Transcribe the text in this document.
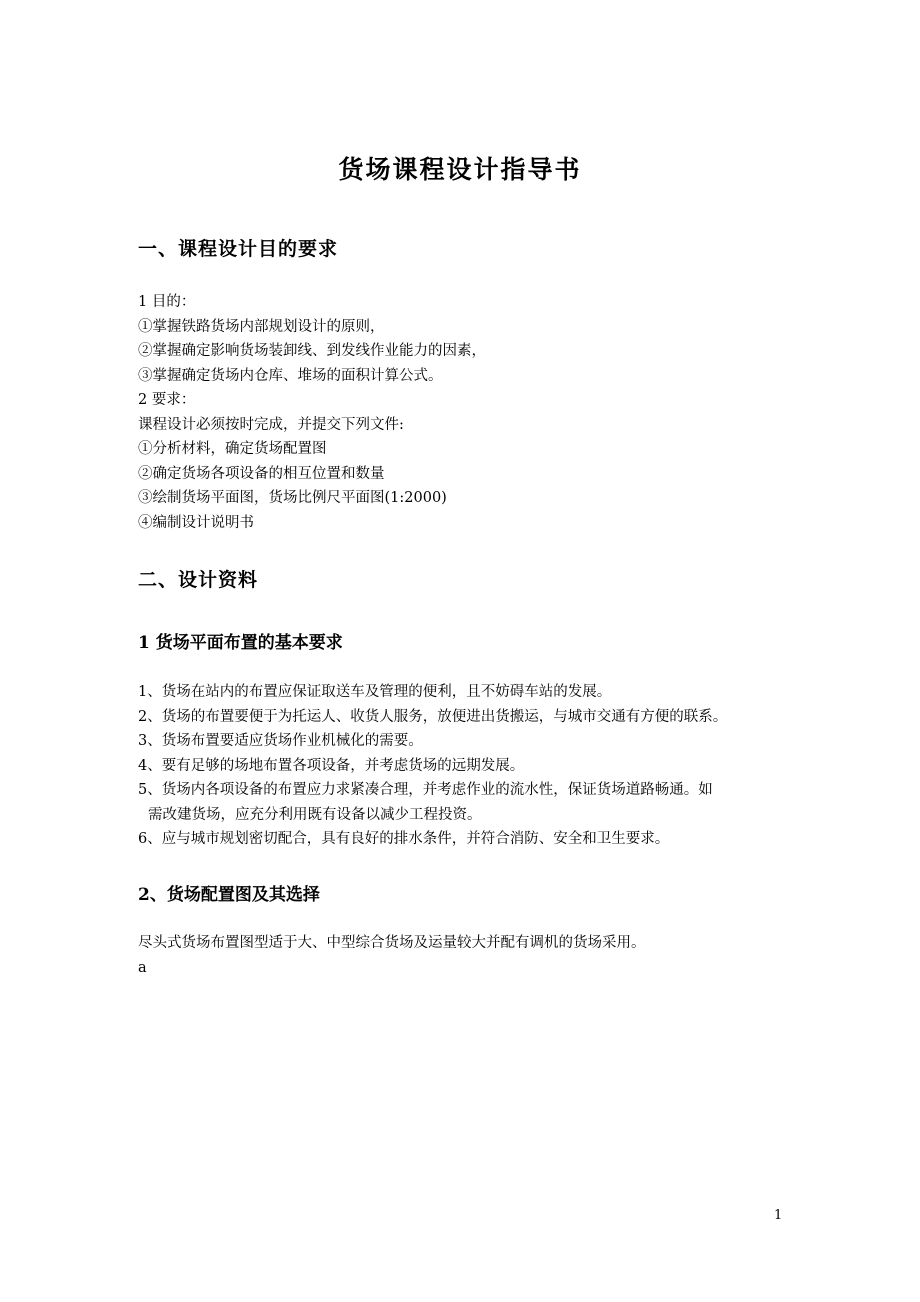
货场课程设计指导书
一、课程设计目的要求
1 目的：
①掌握铁路货场内部规划设计的原则，
②掌握确定影响货场装卸线、到发线作业能力的因素，
③掌握确定货场内仓库、堆场的面积计算公式。
2 要求：
课程设计必须按时完成，并提交下列文件:
①分析材料，确定货场配置图
②确定货场各项设备的相互位置和数量
③绘制货场平面图，货场比例尺平面图(1:2000)
④编制设计说明书
二、设计资料
1 货场平面布置的基本要求
1、货场在站内的布置应保证取送车及管理的便利，且不妨碍车站的发展。
2、货场的布置要便于为托运人、收货人服务，放便进出货搬运，与城市交通有方便的联系。
3、货场布置要适应货场作业机械化的需要。
4、要有足够的场地布置各项设备，并考虑货场的远期发展。
5、货场内各项设备的布置应力求紧凑合理，并考虑作业的流水性，保证货场道路畅通。如
需改建货场，应充分利用既有设备以减少工程投资。
6、应与城市规划密切配合，具有良好的排水条件，并符合消防、安全和卫生要求。
2、货场配置图及其选择
尽头式货场布置图型适于大、中型综合货场及运量较大并配有调机的货场采用。
a
1
